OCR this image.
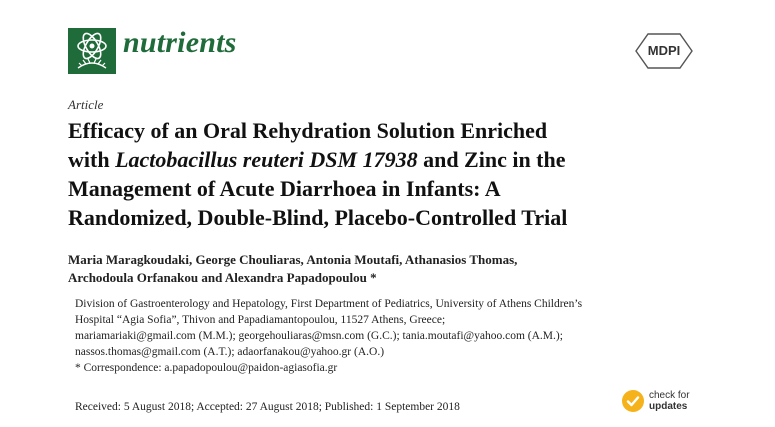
nutrients	MDPI
Article
Efficacy of an Oral Rehydration Solution Enriched
with Lactobacillus reuteri DSM 17938 and Zinc in the
Management of Acute Diarrhoea in Infants: A
Randomized, Double-Blind, Placebo-Controlled Trial
Maria Maragkoudaki, George Chouliaras, Antonia Moutafi, Athanasios Thomas,
Archodoula Orfanakou and Alexandra Papadopoulou *
Division of Gastroenterology and Hepatology, First Department of Pediatrics, University of Athens Children’s
Hospital “Agia Sofia”, Thivon and Papadiamantopoulou, 11527 Athens, Greece;
mariamariaki@gmail.com (M.M.); georgehouliaras@msn.com (G.C.); tania.moutafi@yahoo.com (A.M.);
nassos.thomas@gmail.com (A.T.); adaorfanakou@yahoo.gr (A.O.)
* Correspondence: a.papadopoulou@paidon-agiasofia.gr
Received: 5 August 2018; Accepted: 27 August 2018; Published: 1 September 2018
check for
updates
